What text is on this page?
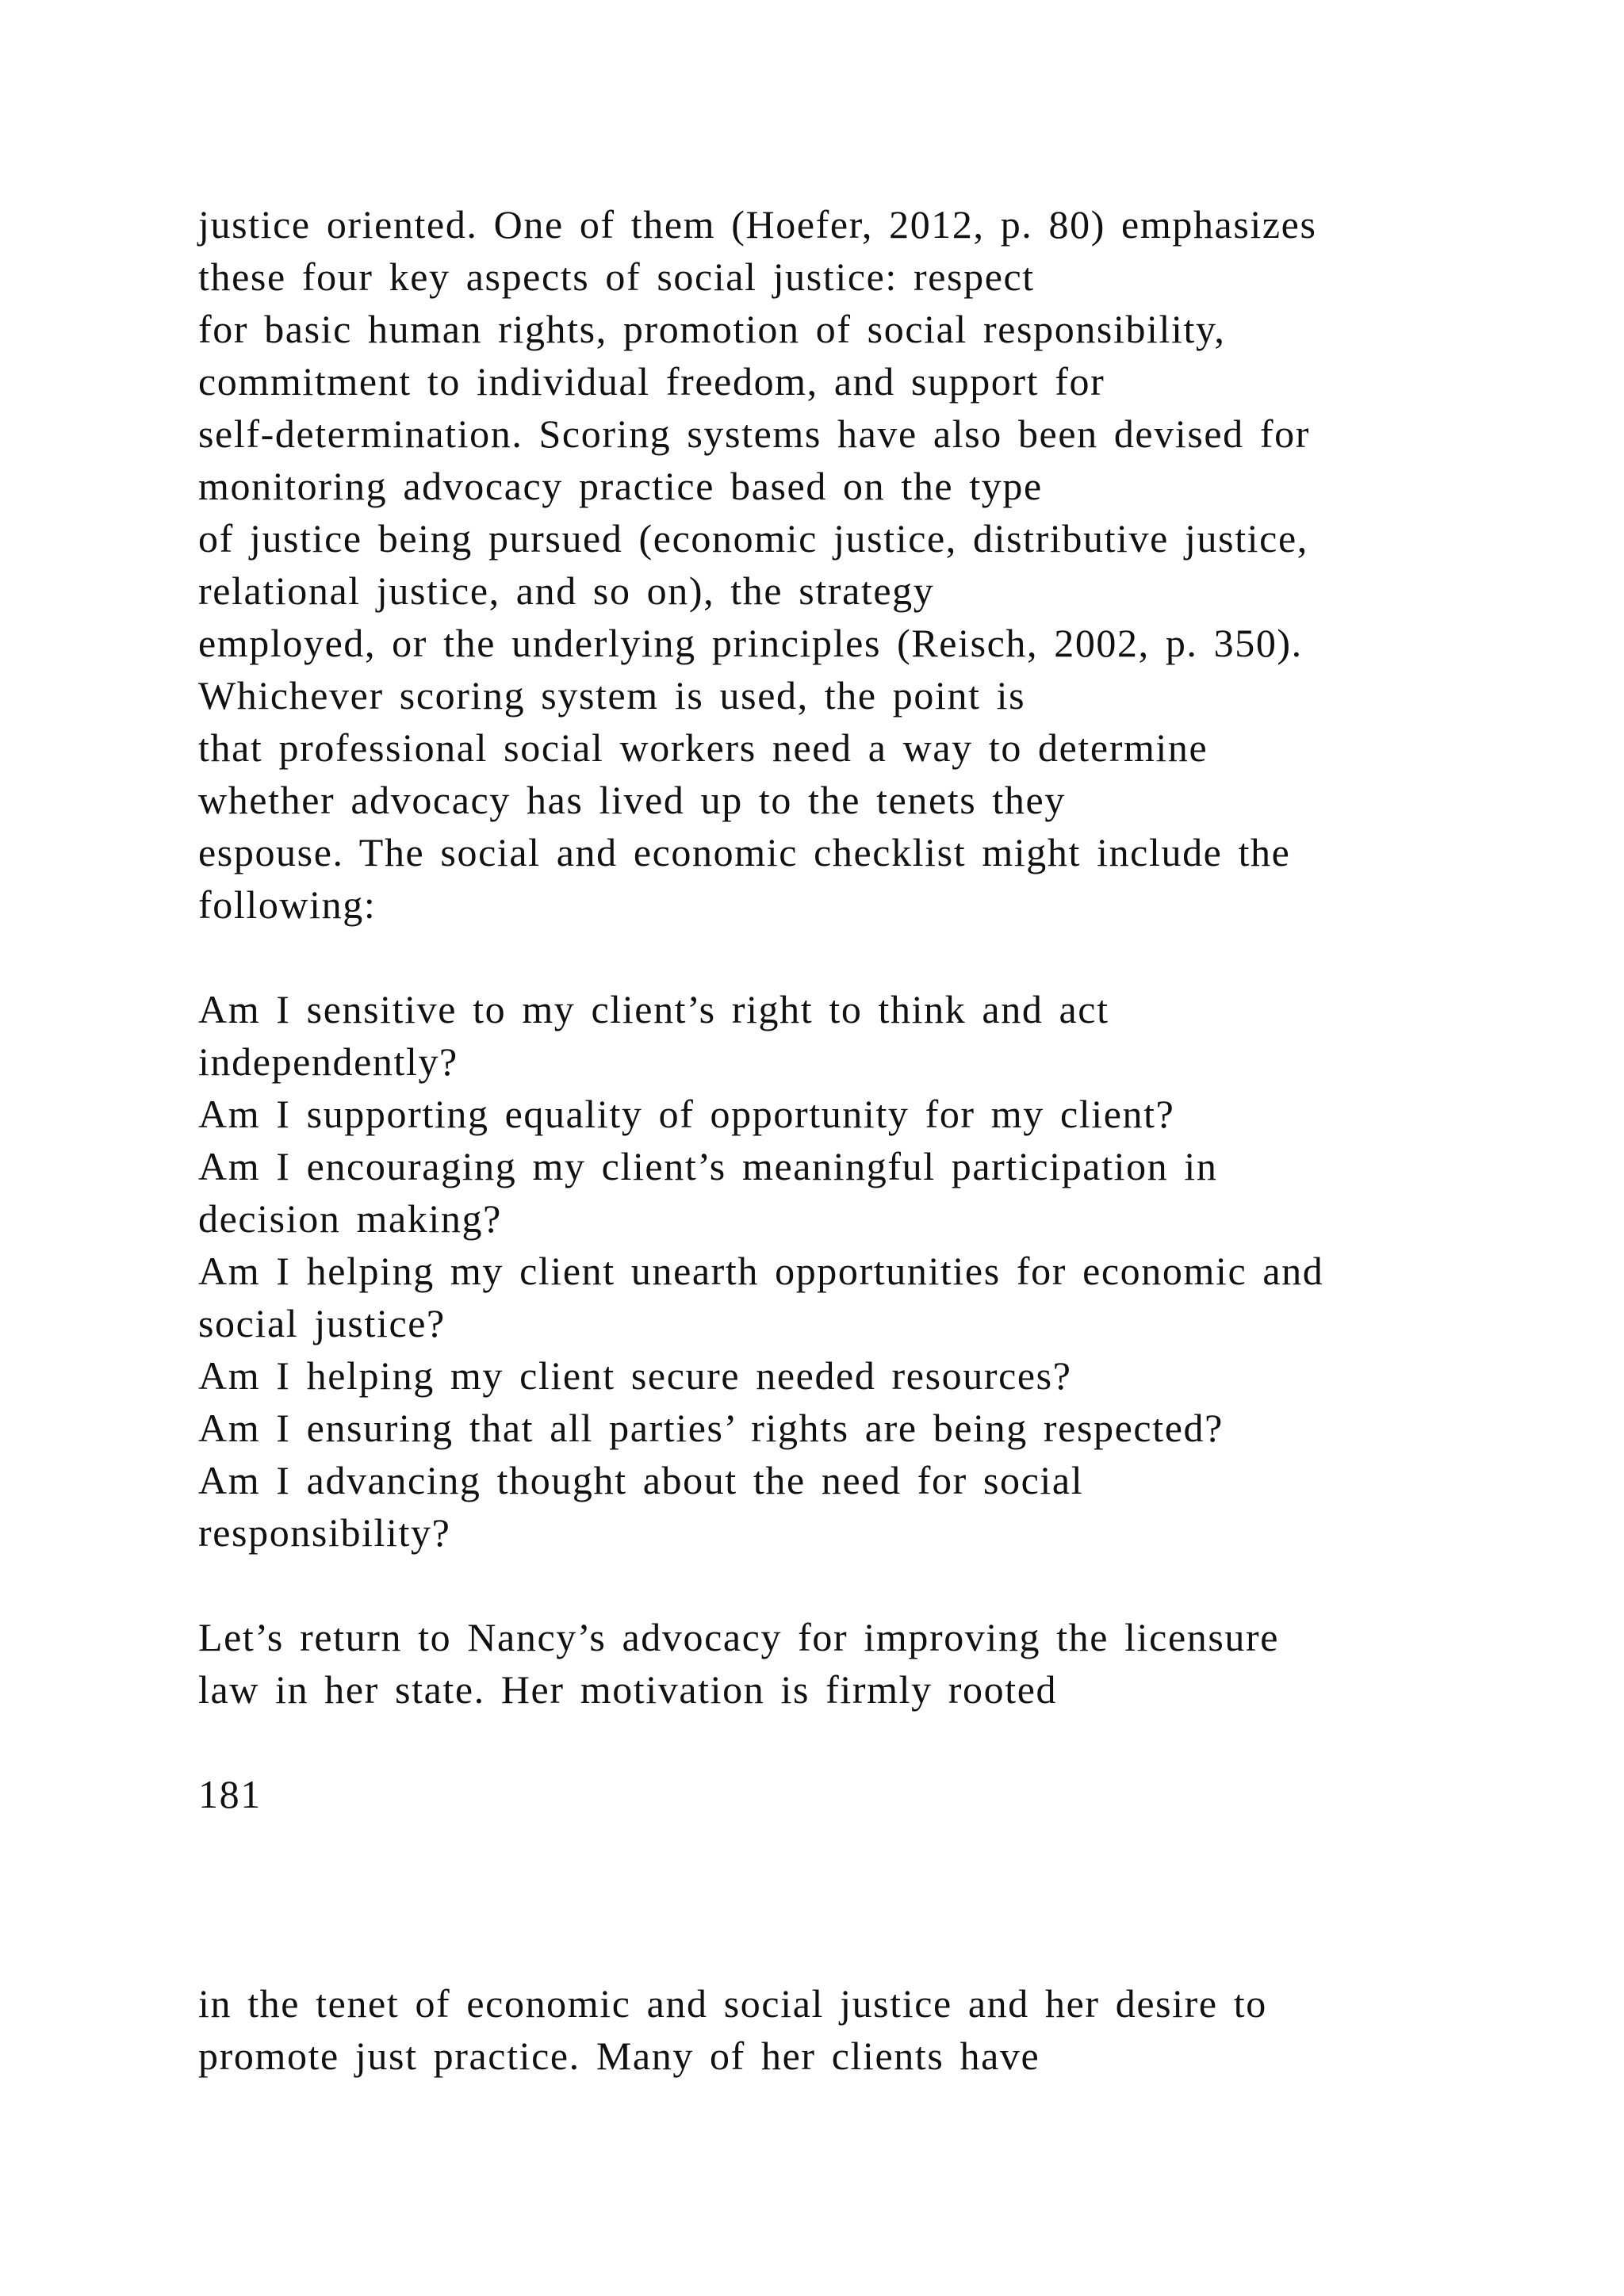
justice oriented. One of them (Hoefer, 2012, p. 80) emphasizes
these four key aspects of social justice: respect
for basic human rights, promotion of social responsibility,
commitment to individual freedom, and support for
self-determination. Scoring systems have also been devised for
monitoring advocacy practice based on the type
of justice being pursued (economic justice, distributive justice,
relational justice, and so on), the strategy
employed, or the underlying principles (Reisch, 2002, p. 350).
Whichever scoring system is used, the point is
that professional social workers need a way to determine
whether advocacy has lived up to the tenets they
espouse. The social and economic checklist might include the
following:
Am I sensitive to my client’s right to think and act
independently?
Am I supporting equality of opportunity for my client?
Am I encouraging my client’s meaningful participation in
decision making?
Am I helping my client unearth opportunities for economic and
social justice?
Am I helping my client secure needed resources?
Am I ensuring that all parties’ rights are being respected?
Am I advancing thought about the need for social
responsibility?
Let’s return to Nancy’s advocacy for improving the licensure
law in her state. Her motivation is firmly rooted
181
in the tenet of economic and social justice and her desire to
promote just practice. Many of her clients have
